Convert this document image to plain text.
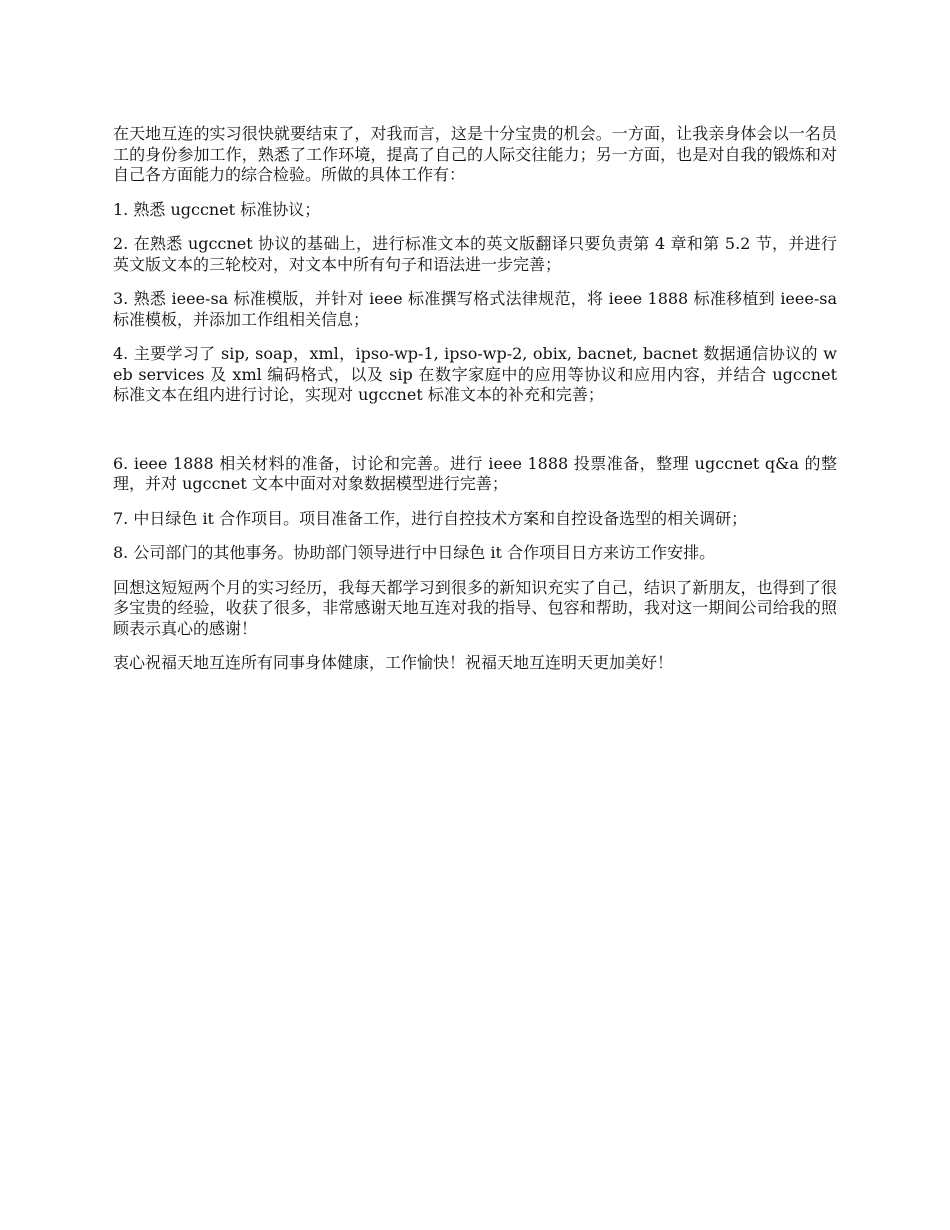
在天地互连的实习很快就要结束了，对我而言，这是十分宝贵的机会。一方面，让我亲身体会以一名员工的身份参加工作，熟悉了工作环境，提高了自己的人际交往能力；另一方面，也是对自我的锻炼和对自己各方面能力的综合检验。所做的具体工作有：

1. 熟悉 ugccnet 标准协议；

2. 在熟悉 ugccnet 协议的基础上，进行标准文本的英文版翻译只要负责第 4 章和第 5.2 节，并进行英文版文本的三轮校对，对文本中所有句子和语法进一步完善；

3. 熟悉 ieee-sa 标准模版，并针对 ieee 标准撰写格式法律规范，将 ieee 1888 标准移植到 ieee-sa 标准模板，并添加工作组相关信息；

4. 主要学习了 sip, soap，xml，ipso-wp-1, ipso-wp-2, obix, bacnet, bacnet 数据通信协议的 web services 及 xml 编码格式，以及 sip 在数字家庭中的应用等协议和应用内容，并结合 ugccnet 标准文本在组内进行讨论，实现对 ugccnet 标准文本的补充和完善；

6. ieee 1888 相关材料的准备，讨论和完善。进行 ieee 1888 投票准备，整理 ugccnet q&a 的整理，并对 ugccnet 文本中面对对象数据模型进行完善；

7. 中日绿色 it 合作项目。项目准备工作，进行自控技术方案和自控设备选型的相关调研；

8. 公司部门的其他事务。协助部门领导进行中日绿色 it 合作项目日方来访工作安排。

回想这短短两个月的实习经历，我每天都学习到很多的新知识充实了自己，结识了新朋友，也得到了很多宝贵的经验，收获了很多，非常感谢天地互连对我的指导、包容和帮助，我对这一期间公司给我的照顾表示真心的感谢！

衷心祝福天地互连所有同事身体健康，工作愉快！祝福天地互连明天更加美好！
